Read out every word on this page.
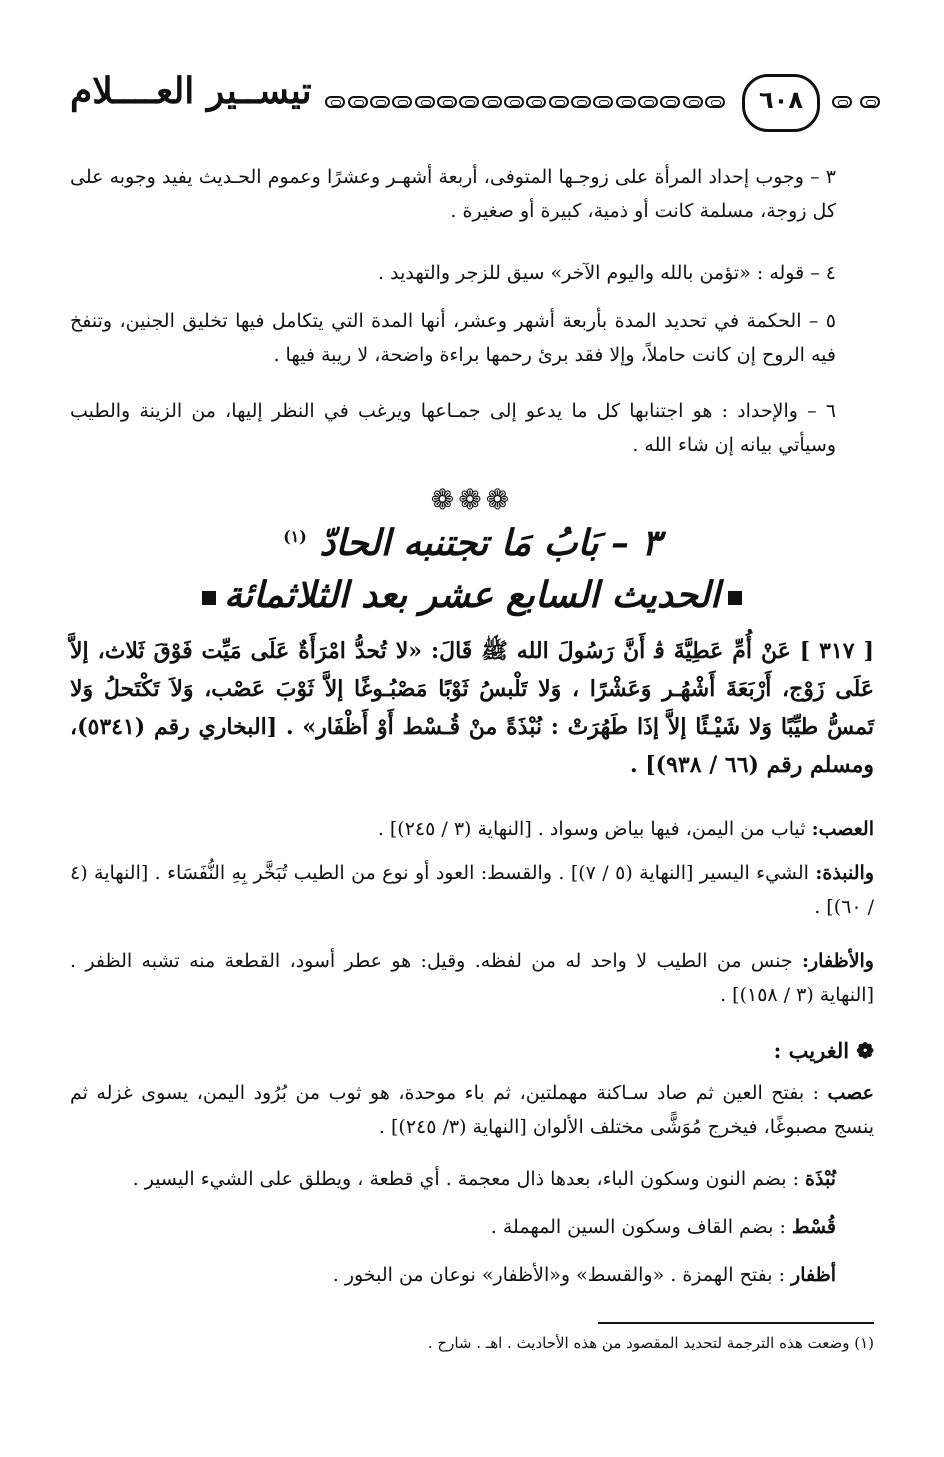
تيســير العــــلام	٦٠٨
٣ – وجوب إحداد المرأة على زوجـها المتوفى، أربعة أشهـر وعشرًا وعموم الحـديث يفيد وجوبه على كل زوجة، مسلمة كانت أو ذمية، كبيرة أو صغيرة .
٤ – قوله : «تؤمن بالله واليوم الآخر» سيق للزجر والتهديد .
٥ – الحكمة في تحديد المدة بأربعة أشهر وعشر، أنها المدة التي يتكامل فيها تخليق الجنين، وتنفخ فيه الروح إن كانت حاملاً، وإلا فقد برئ رحمها براءة واضحة، لا ريبة فيها .
٦ – والإحداد : هو اجتنابها كل ما يدعو إلى جمـاعها ويرغب في النظر إليها، من الزينة والطيب وسيأتي بيانه إن شاء الله .
❁❁❁
٣ – بَابُ مَا تجتنبه الحادّ $^{(١)}$
الحديث السابع عشر بعد الثلاثمائة
[ ٣١٧ ] عَنْ أُمِّ عَطِيَّةَ ﭬ أَنَّ رَسُولَ الله ﷺ قَالَ: «لا تُحدُّ امْرَأَةٌ عَلَى مَيِّت فَوْقَ ثَلاث، إلاَّ عَلَى زَوْج، أَرْبَعَةَ أَشْهُـر وَعَشْرًا ، وَلا تَلْبسُ ثَوْبًا مَصْبُـوغًا إلاَّ ثَوْبَ عَصْب، وَلاَ تَكْتَحلُ وَلا تَمسُّ طيِّبًا وَلا شَيْـئًا إلاَّ إذَا طَهُرَتْ : نُبْذَةً منْ قُـسْط أَوْ أَظْفَار» . [البخاري رقم (٥٣٤١)، ومسلم رقم (٦٦ / ٩٣٨)] .
العصب: ثياب من اليمن، فيها بياض وسواد . [النهاية (٣ / ٢٤٥)] .
والنبذة: الشيء اليسير [النهاية (٥ / ٧)] . والقسط: العود أو نوع من الطيب تُبَخَّر بِهِ النُّفَسَاء . [النهاية (٤ / ٦٠)] .
والأظفار: جنس من الطيب لا واحد له من لفظه. وقيل: هو عطر أسود، القطعة منه تشبه الظفر . [النهاية (٣ / ١٥٨)] .
❁ الغريب :
عصب : بفتح العين ثم صاد سـاكنة مهملتين، ثم باء موحدة، هو ثوب من بُرُود اليمن، يسوى غزله ثم ينسج مصبوغًا، فيخرج مُوَشًّى مختلف الألوان [النهاية (٣/ ٢٤٥)] .
نُبْذَة : بضم النون وسكون الباء، بعدها ذال معجمة . أي قطعة ، ويطلق على الشيء اليسير .
قُسْط : بضم القاف وسكون السين المهملة .
أظفار : بفتح الهمزة . «والقسط» و«الأظفار» نوعان من البخور .
(١) وضعت هذه الترجمة لتحديد المقصود من هذه الأحاديث . اهـ . شارح .
